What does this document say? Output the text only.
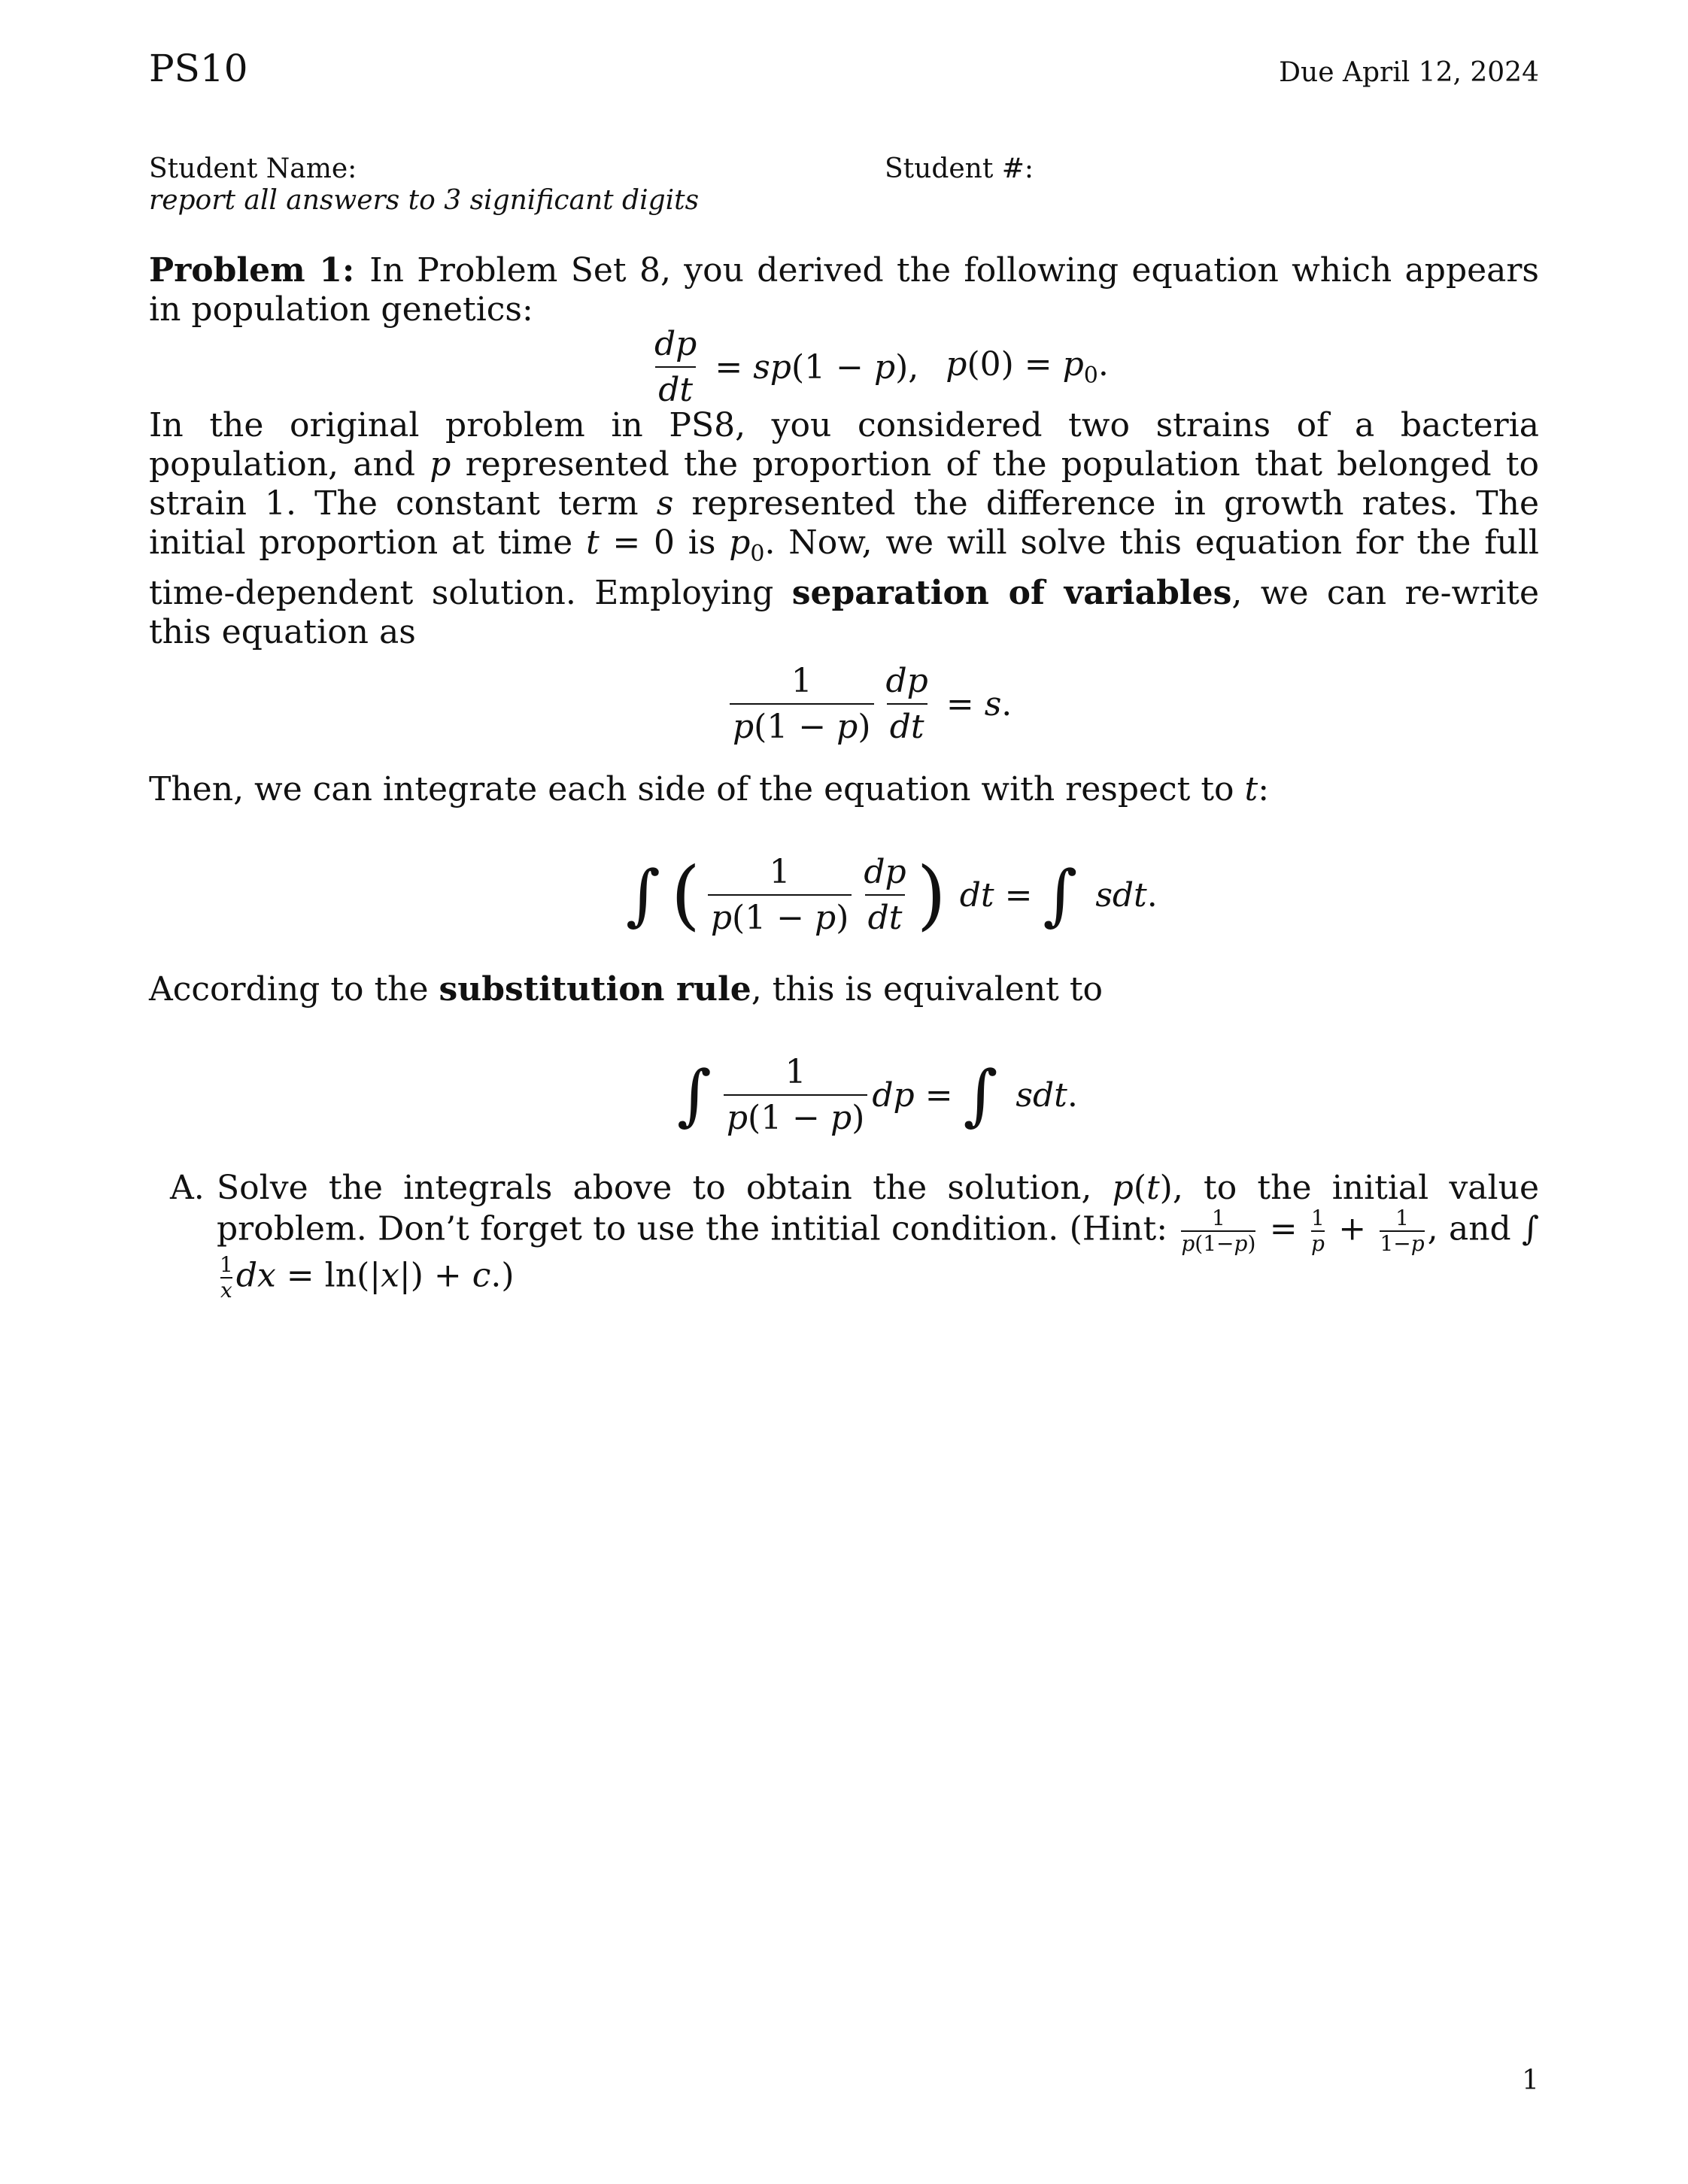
PS10	Due April 12, 2024
Student Name:	Student #:
report all answers to 3 significant digits
Problem 1: In Problem Set 8, you derived the following equation which appears in population genetics:
$\frac{dp}{dt} = sp(1 - p)$, $p(0) = p_0$.
In the original problem in PS8, you considered two strains of a bacteria population, and p represented the proportion of the population that belonged to strain 1. The constant term s represented the difference in growth rates. The initial proportion at time t = 0 is $p_0$. Now, we will solve this equation for the full time-dependent solution. Employing separation of variables, we can re-write this equation as
$\frac{1}{p(1 - p)} \frac{dp}{dt} = s$.
Then, we can integrate each side of the equation with respect to t:
∫ ( $\frac{1}{p(1 - p)} \frac{dp}{dt}$ ) dt = ∫ sdt.
According to the substitution rule, this is equivalent to
∫ $\frac{1}{p(1 - p)}$ dp = ∫ sdt.
A. Solve the integrals above to obtain the solution, p(t), to the initial value problem. Don’t forget to use the intitial condition. (Hint: $\frac{1}{p(1-p)} = \frac{1}{p} + \frac{1}{1-p}$ , and ∫
$\frac{1}{x}$ dx = ln(|x|) + c.)
1
